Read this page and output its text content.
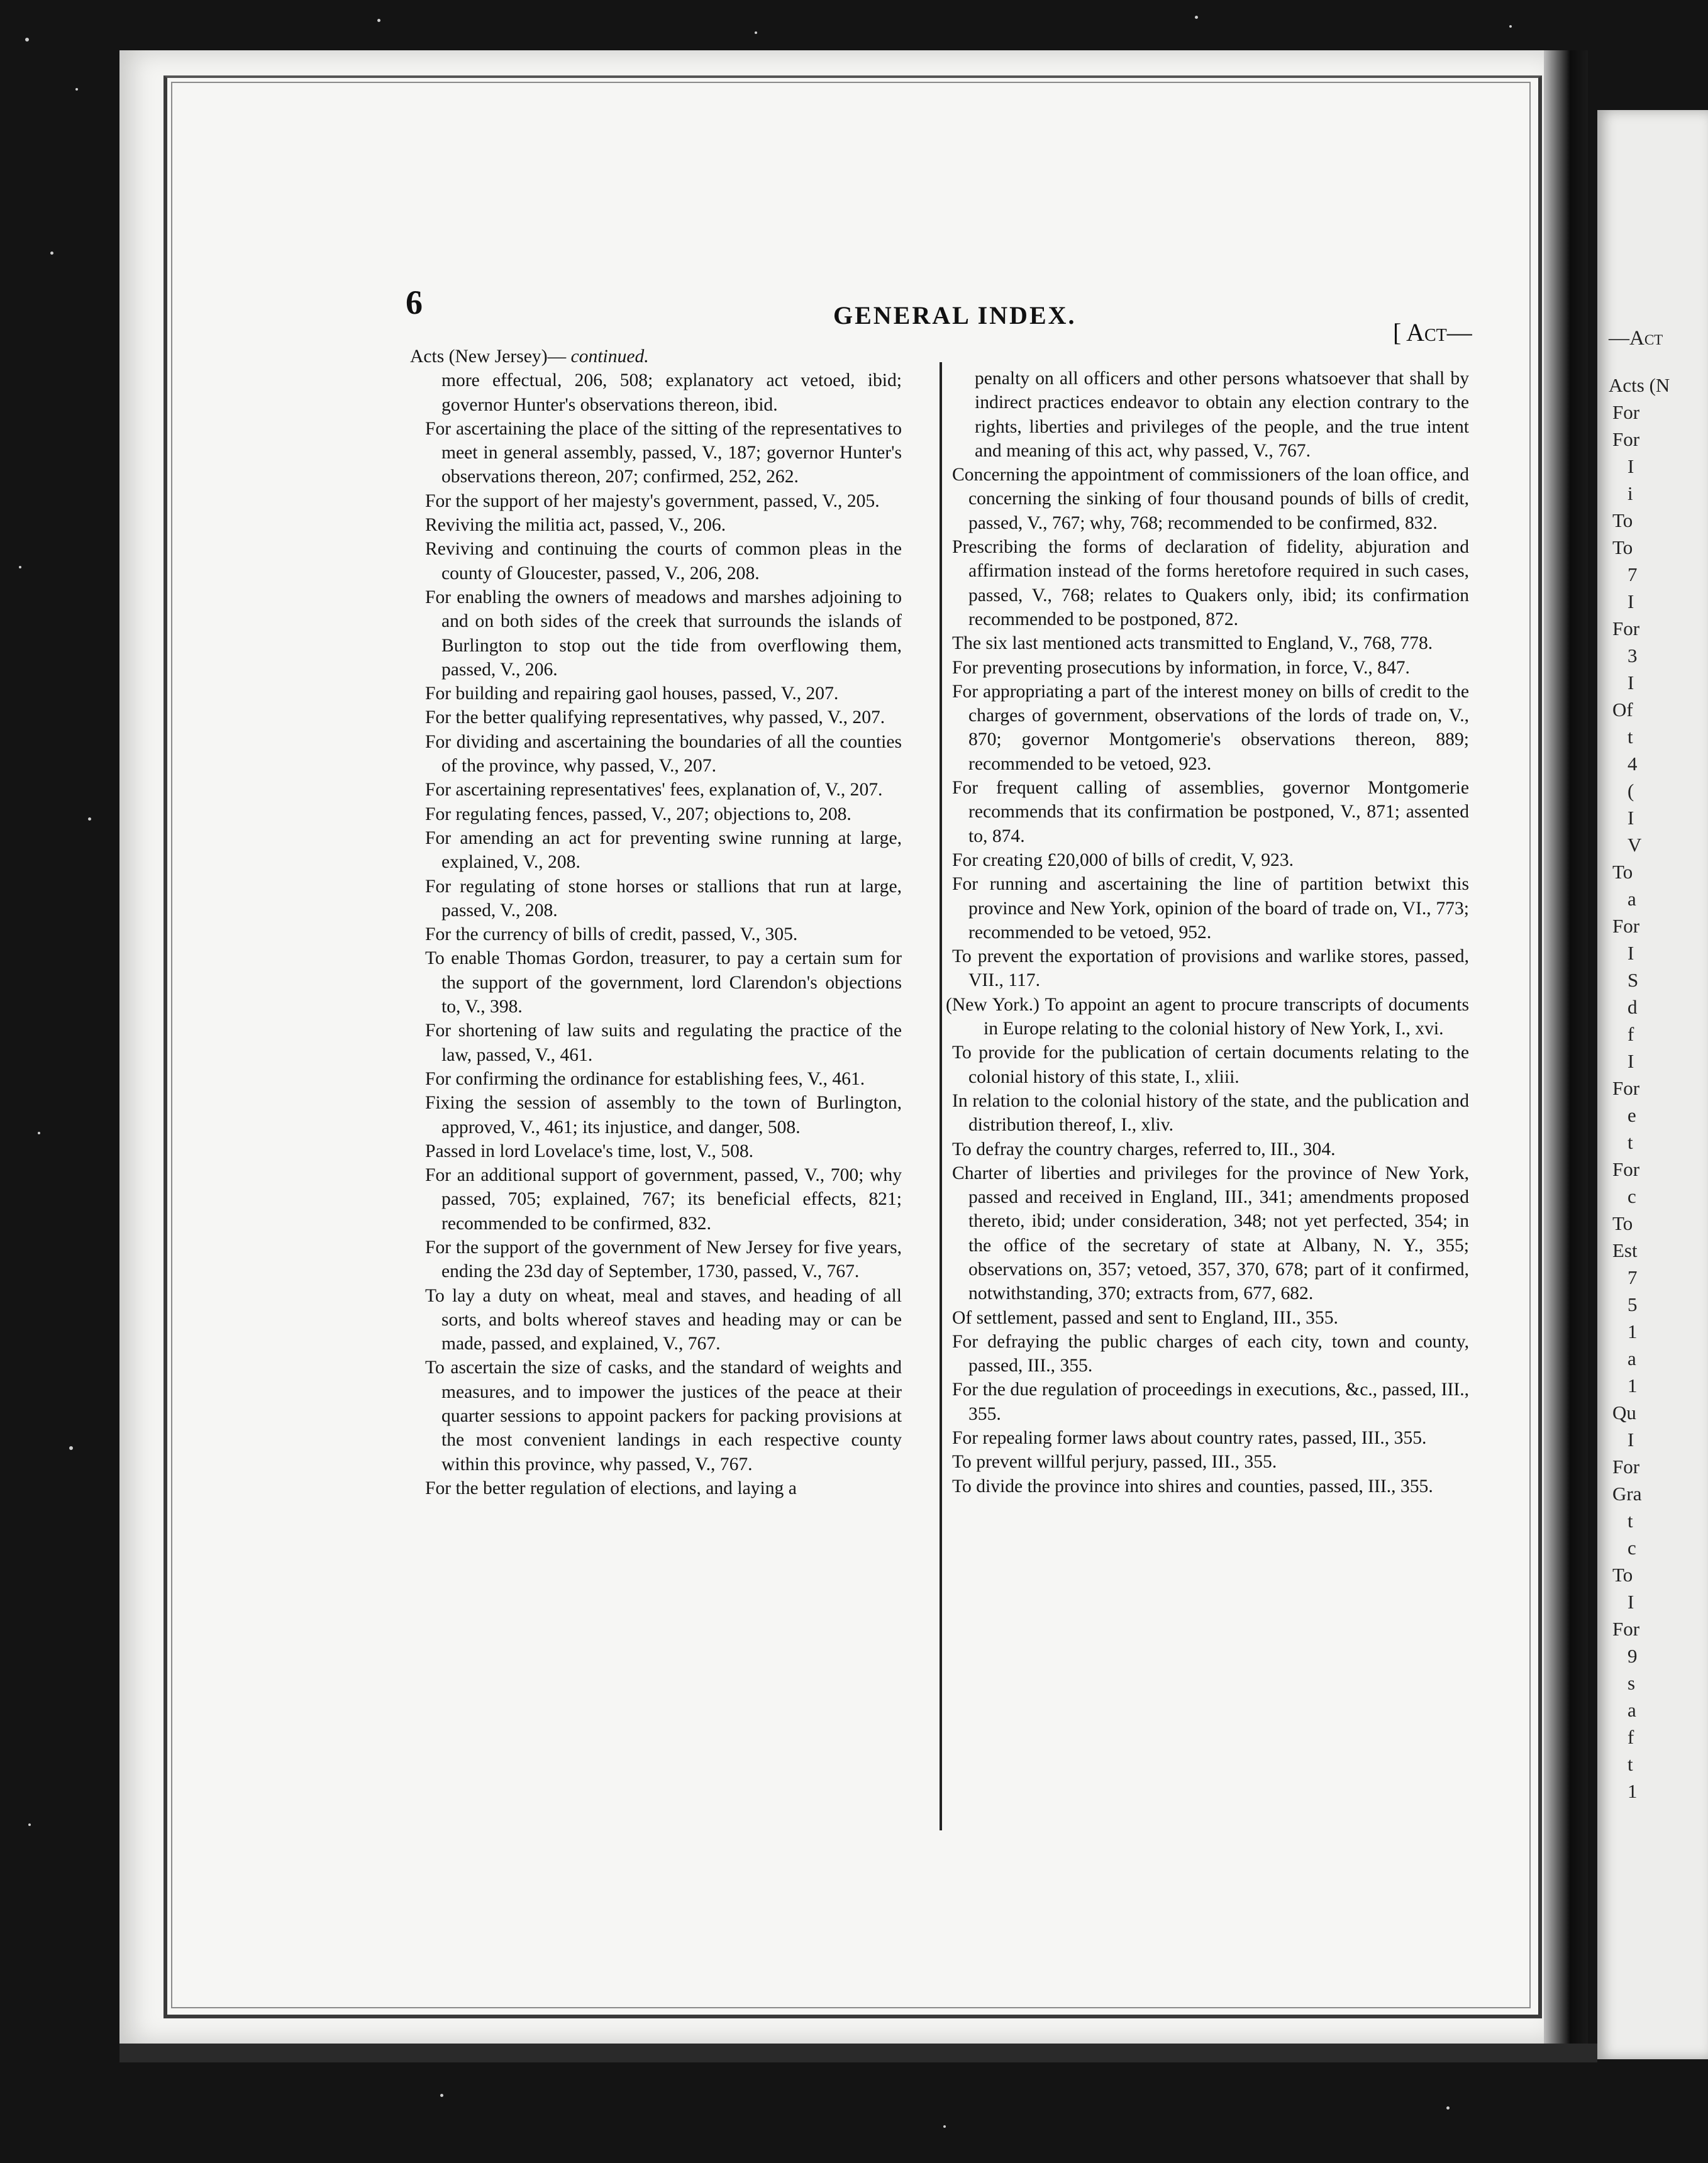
—Act
Acts (N
For
For
I
i
To
To
7
I
For
3
I
Of
t
4
(
I
V
To
a
For
I
S
d
f
I
For
e
t
For
c
To
Est
7
5
1
a
1
Qu
I
For
Gra
t
c
To
I
For
9
s
a
f
t
1
6	GENERAL INDEX.
[ Act—

Acts (New Jersey)— continued.

more effectual, 206, 508; explanatory act vetoed, ibid; governor Hunter's observations thereon, ibid.

For ascertaining the place of the sitting of the representatives to meet in general assembly, passed, V., 187; governor Hunter's observations thereon, 207; confirmed, 252, 262.

For the support of her majesty's government, passed, V., 205.

Reviving the militia act, passed, V., 206.

Reviving and continuing the courts of common pleas in the county of Gloucester, passed, V., 206, 208.

For enabling the owners of meadows and marshes adjoining to and on both sides of the creek that surrounds the islands of Burlington to stop out the tide from overflowing them, passed, V., 206.

For building and repairing gaol houses, passed, V., 207.

For the better qualifying representatives, why passed, V., 207.

For dividing and ascertaining the boundaries of all the counties of the province, why passed, V., 207.

For ascertaining representatives' fees, explanation of, V., 207.

For regulating fences, passed, V., 207; objections to, 208.

For amending an act for preventing swine running at large, explained, V., 208.

For regulating of stone horses or stallions that run at large, passed, V., 208.

For the currency of bills of credit, passed, V., 305.

To enable Thomas Gordon, treasurer, to pay a certain sum for the support of the government, lord Clarendon's objections to, V., 398.

For shortening of law suits and regulating the practice of the law, passed, V., 461.

For confirming the ordinance for establishing fees, V., 461.

Fixing the session of assembly to the town of Burlington, approved, V., 461; its injustice, and danger, 508.

Passed in lord Lovelace's time, lost, V., 508.

For an additional support of government, passed, V., 700; why passed, 705; explained, 767; its beneficial effects, 821; recommended to be confirmed, 832.

For the support of the government of New Jersey for five years, ending the 23d day of September, 1730, passed, V., 767.

To lay a duty on wheat, meal and staves, and heading of all sorts, and bolts whereof staves and heading may or can be made, passed, and explained, V., 767.

To ascertain the size of casks, and the standard of weights and measures, and to impower the justices of the peace at their quarter sessions to appoint packers for packing provisions at the most convenient landings in each respective county within this province, why passed, V., 767.

For the better regulation of elections, and laying a

penalty on all officers and other persons whatsoever that shall by indirect practices endeavor to obtain any election contrary to the rights, liberties and privileges of the people, and the true intent and meaning of this act, why passed, V., 767.

Concerning the appointment of commissioners of the loan office, and concerning the sinking of four thousand pounds of bills of credit, passed, V., 767; why, 768; recommended to be confirmed, 832.

Prescribing the forms of declaration of fidelity, abjuration and affirmation instead of the forms heretofore required in such cases, passed, V., 768; relates to Quakers only, ibid; its confirmation recommended to be postponed, 872.

The six last mentioned acts transmitted to England, V., 768, 778.

For preventing prosecutions by information, in force, V., 847.

For appropriating a part of the interest money on bills of credit to the charges of government, observations of the lords of trade on, V., 870; governor Montgomerie's observations thereon, 889; recommended to be vetoed, 923.

For frequent calling of assemblies, governor Montgomerie recommends that its confirmation be postponed, V., 871; assented to, 874.

For creating £20,000 of bills of credit, V, 923.

For running and ascertaining the line of partition betwixt this province and New York, opinion of the board of trade on, VI., 773; recommended to be vetoed, 952.

To prevent the exportation of provisions and warlike stores, passed, VII., 117.

(New York.) To appoint an agent to procure transcripts of documents in Europe relating to the colonial history of New York, I., xvi.

To provide for the publication of certain documents relating to the colonial history of this state, I., xliii.

In relation to the colonial history of the state, and the publication and distribution thereof, I., xliv.

To defray the country charges, referred to, III., 304.

Charter of liberties and privileges for the province of New York, passed and received in England, III., 341; amendments proposed thereto, ibid; under consideration, 348; not yet perfected, 354; in the office of the secretary of state at Albany, N. Y., 355; observations on, 357; vetoed, 357, 370, 678; part of it confirmed, notwithstanding, 370; extracts from, 677, 682.

Of settlement, passed and sent to England, III., 355.

For defraying the public charges of each city, town and county, passed, III., 355.

For the due regulation of proceedings in executions, &c., passed, III., 355.

For repealing former laws about country rates, passed, III., 355.

To prevent willful perjury, passed, III., 355.

To divide the province into shires and counties, passed, III., 355.
